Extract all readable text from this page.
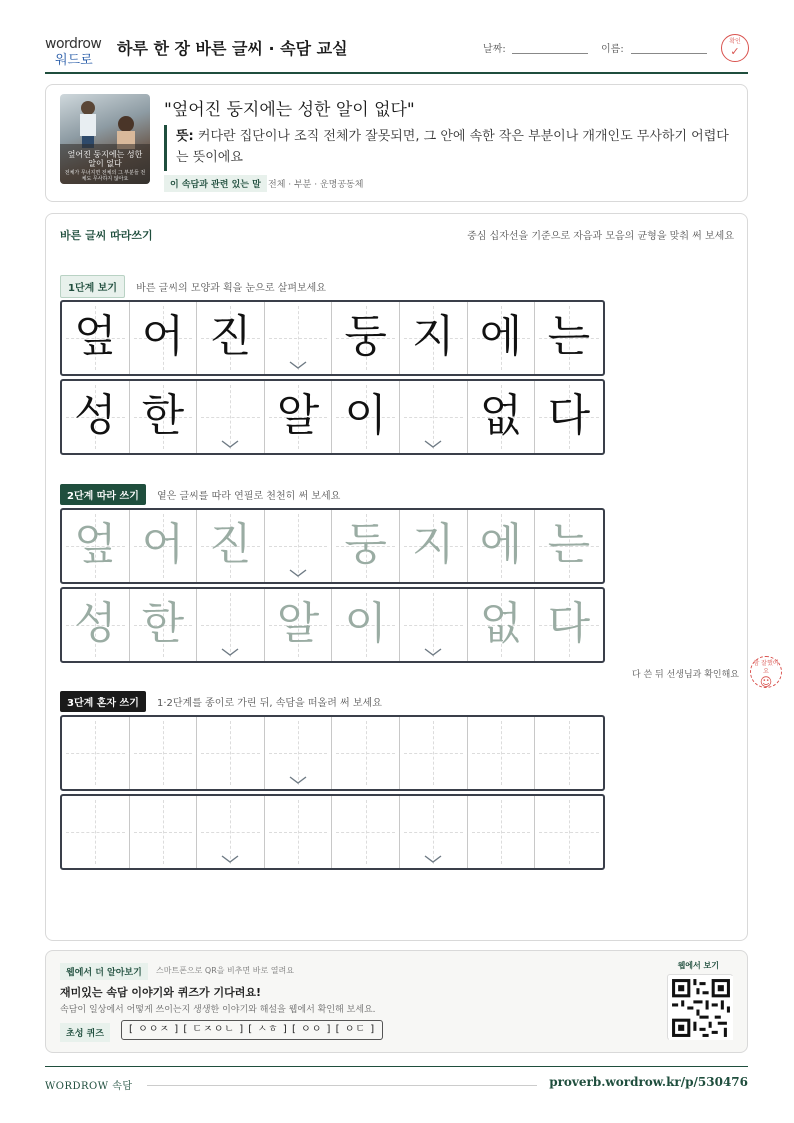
wordrow
워드로
하루 한 장 바른 글씨 · 속담 교실	날짜:	이름:
확인
✓
엎어진 둥지에는 성한 알이 없다
전체가 무너지면 전체의 그 부분들 전체도 무사하지 않아요
"엎어진 둥지에는 성한 알이 없다"
뜻: 커다란 집단이나 조직 전체가 잘못되면, 그 안에 속한 작은 부분이나 개개인도 무사하기 어렵다는 뜻이에요
이 속담과 관련 있는 말 전체 · 부분 · 운명공동체
바른 글씨 따라쓰기	중심 십자선을 기준으로 자음과 모음의 균형을 맞춰 써 보세요
1단계 보기 바른 글씨의 모양과 획을 눈으로 살펴보세요
엎 어 진 둥 지 에 는
성 한 알 이 없 다
2단계 따라 쓰기 옅은 글씨를 따라 연필로 천천히 써 보세요
엎 어 진 둥 지 에 는
성 한 알 이 없 다
3단계 혼자 쓰기 1·2단계를 종이로 가린 뒤, 속담을 떠올려 써 보세요
다 쓴 뒤 선생님과 확인해요
참 잘했어요
☺
웹에서 더 알아보기	스마트폰으로 QR을 비추면 바로 열려요
재미있는 속담 이야기와 퀴즈가 기다려요!
속담이 일상에서 어떻게 쓰이는지 생생한 이야기와 해설을 웹에서 확인해 보세요.
초성 퀴즈	[ ㅇㅇㅈ ] [ ㄷㅈㅇㄴ ] [ ㅅㅎ ] [ ㅇㅇ ] [ ㅇㄷ ]
웹에서 보기
WORDROW 속담	proverb.wordrow.kr/p/530476
